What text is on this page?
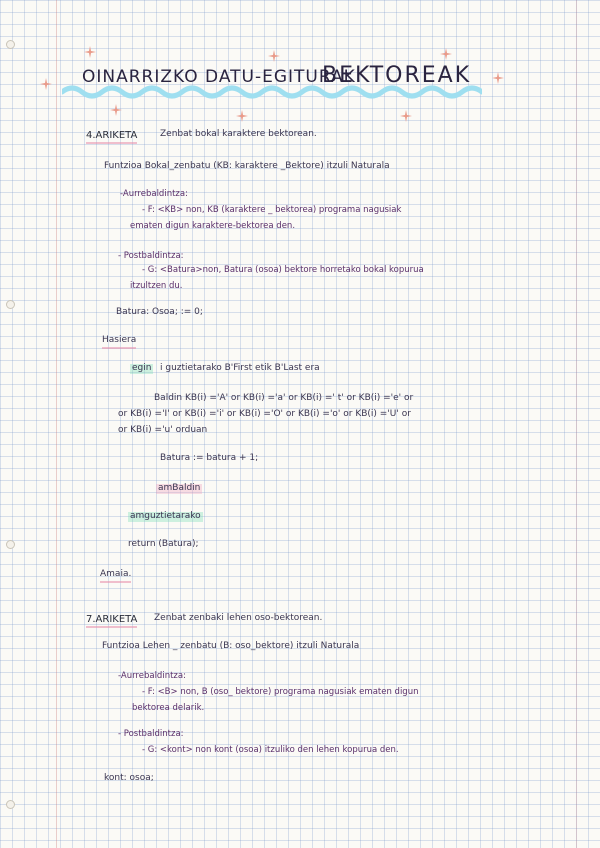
OINARRIZKO DATU-EGITURAK:
BEKTOREAK
4.ARIKETA	Zenbat bokal karaktere bektorean.
Funtzioa Bokal_zenbatu (KB: karaktere _Bektore) itzuli Naturala
-Aurrebaldintza:
- F: <KB> non, KB (karaktere _ bektorea) programa nagusiak
ematen digun karaktere-bektorea den.
- Postbaldintza:
- G: <Batura>non, Batura (osoa) bektore horretako bokal kopurua
itzultzen du.
Batura: Osoa; := 0;
Hasiera
egin i guztietarako B'First etik B'Last era
Baldin KB(i) ='A' or KB(i) ='a' or KB(i) =' t' or KB(i) ='e' or
or KB(i) ='I' or KB(i) ='i' or KB(i) ='O' or KB(i) ='o' or KB(i) ='U' or
or KB(i) ='u' orduan
Batura := batura + 1;
amBaldin
amguztietarako
return (Batura);
Amaia.
7.ARIKETA Zenbat zenbaki lehen oso-bektorean.
Funtzioa Lehen _ zenbatu (B: oso_bektore) itzuli Naturala
-Aurrebaldintza:
- F: <B> non, B (oso_ bektore) programa nagusiak ematen digun
bektorea delarik.
- Postbaldintza:
- G: <kont> non kont (osoa) itzuliko den lehen kopurua den.
kont: osoa;
